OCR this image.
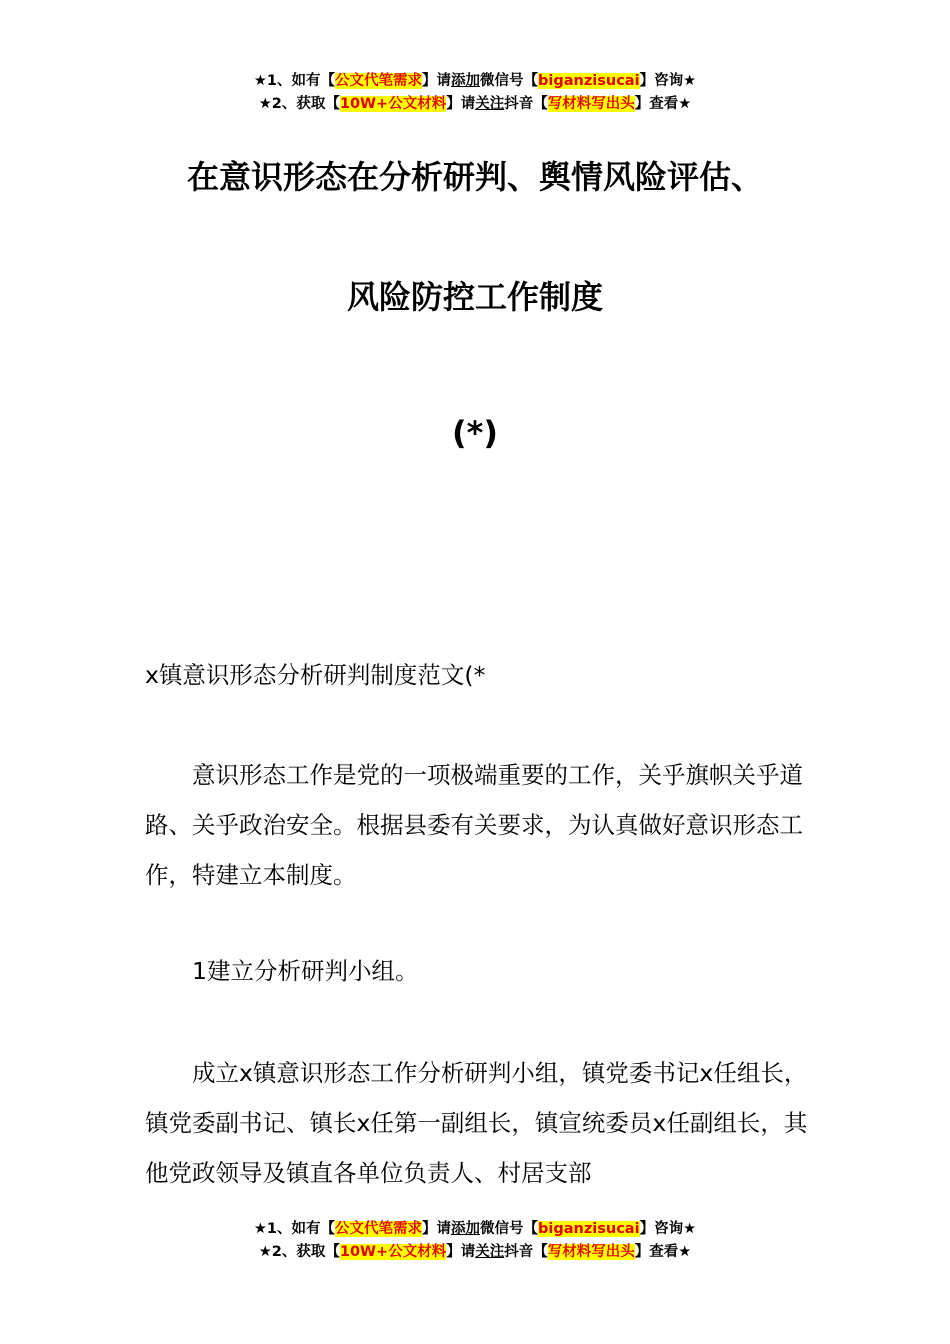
★1、如有【公文代笔需求】请添加微信号【biganzisucai】咨询★
★2、获取【10W+公文材料】请关注抖音【写材料写出头】查看★
在意识形态在分析研判、舆情风险评估、
风险防控工作制度
(*)
x镇意识形态分析研判制度范文(*
意识形态工作是党的一项极端重要的工作，关乎旗帜关乎道路、关乎政治安全。根据县委有关要求，为认真做好意识形态工作，特建立本制度。
1建立分析研判小组。
成立x镇意识形态工作分析研判小组，镇党委书记x任组长，镇党委副书记、镇长x任第一副组长，镇宣统委员x任副组长，其他党政领导及镇直各单位负责人、村居支部
★1、如有【公文代笔需求】请添加微信号【biganzisucai】咨询★
★2、获取【10W+公文材料】请关注抖音【写材料写出头】查看★
